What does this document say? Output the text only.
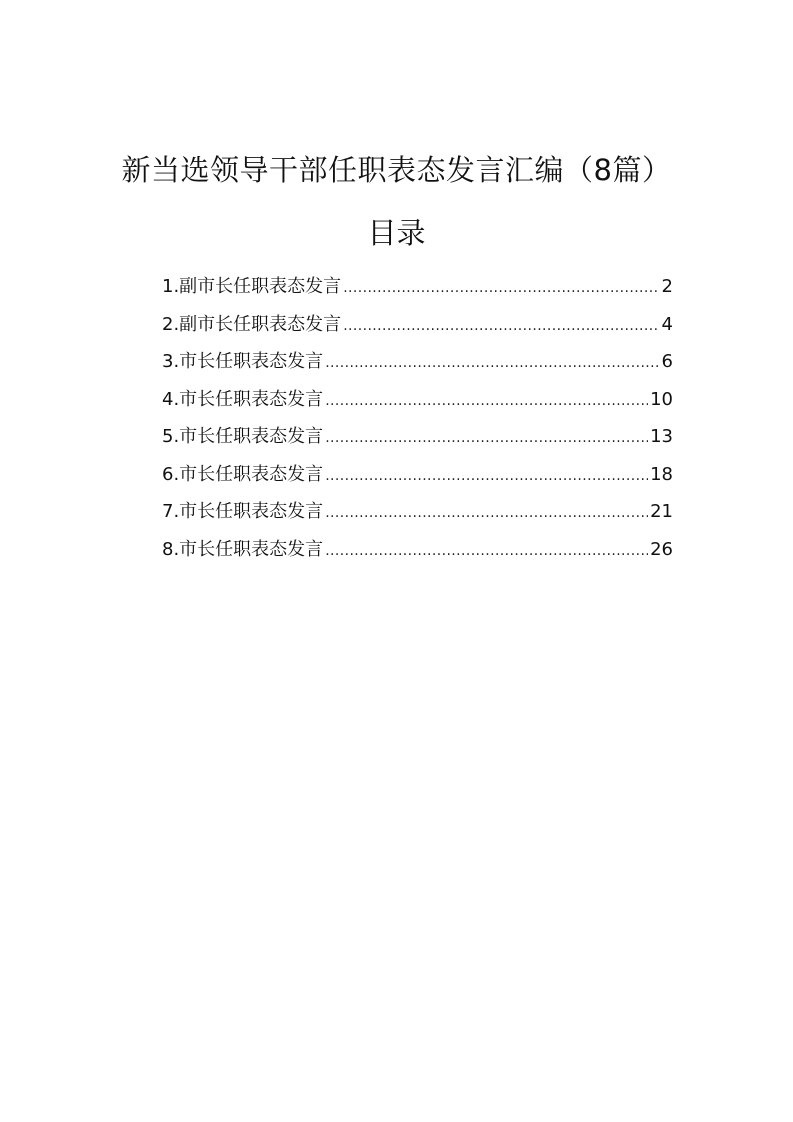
新当选领导干部任职表态发言汇编（8篇）
目录
1.副市长任职表态发言 .....	2
2.副市长任职表态发言 .....	4
3.市长任职表态发言 .....	6
4.市长任职表态发言 .....	10
5.市长任职表态发言 .....	13
6.市长任职表态发言 .....	18
7.市长任职表态发言 .....	21
8.市长任职表态发言 .....	26
